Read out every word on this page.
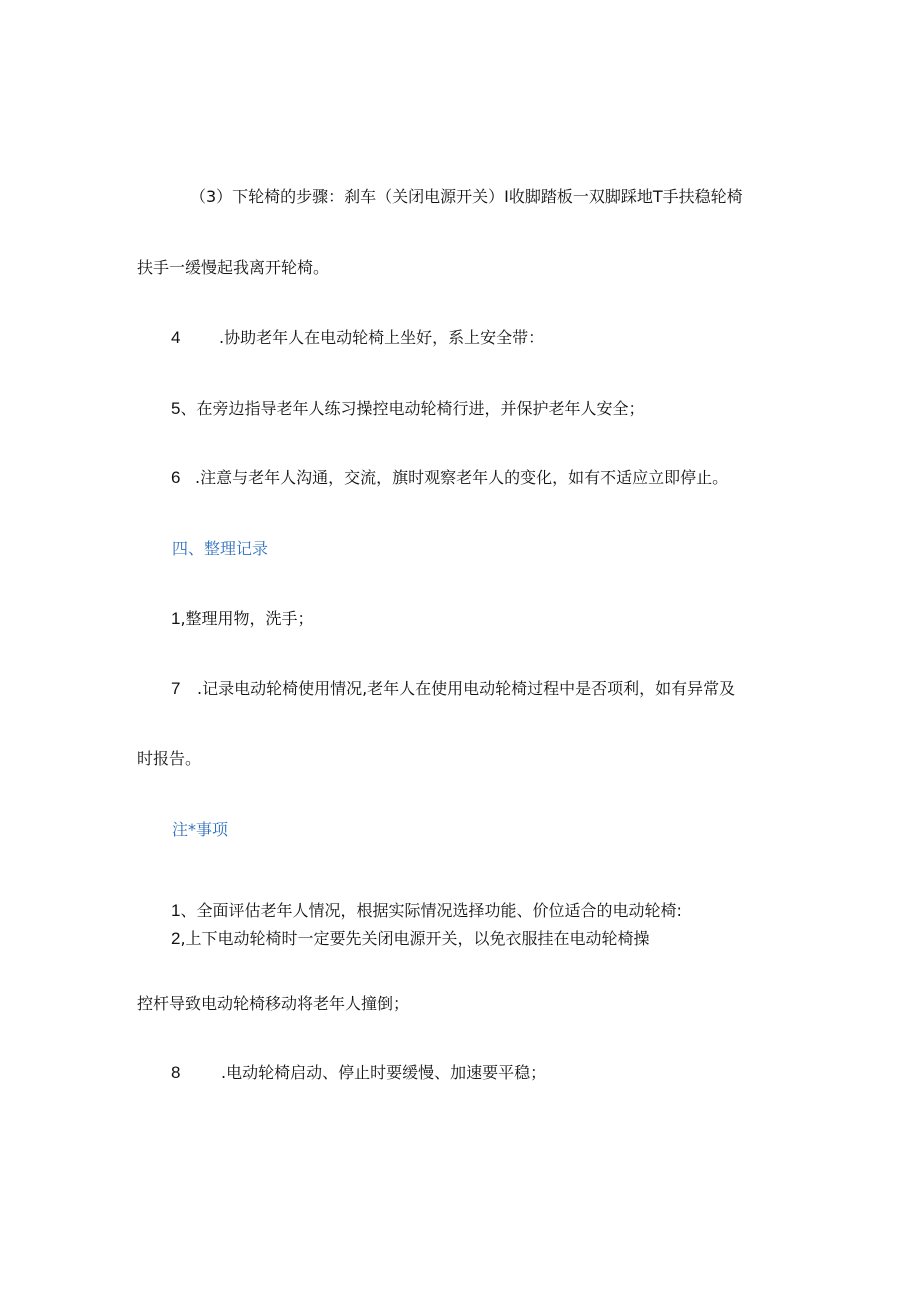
（3）下轮椅的步骤：刹车（关闭电源开关）I收脚踏板一双脚踩地T手扶稳轮椅
扶手一缓慢起我离开轮椅。
4 .协助老年人在电动轮椅上坐好，系上安全带：
5、在旁边指导老年人练习操控电动轮椅行进，并保护老年人安全；
6 .注意与老年人沟通，交流，旗时观察老年人的变化，如有不适应立即停止。
四、整理记录
1,整理用物，洗手；
7 .记录电动轮椅使用情况,老年人在使用电动轮椅过程中是否项利，如有异常及
时报告。
注*事项
1、全面评估老年人情况，根据实际情况选择功能、价位适合的电动轮椅:
2,上下电动轮椅时一定要先关闭电源开关，以免衣服挂在电动轮椅操
控杆导致电动轮椅移动将老年人撞倒；
8	.电动轮椅启动、停止时要缓慢、加速要平稳；
